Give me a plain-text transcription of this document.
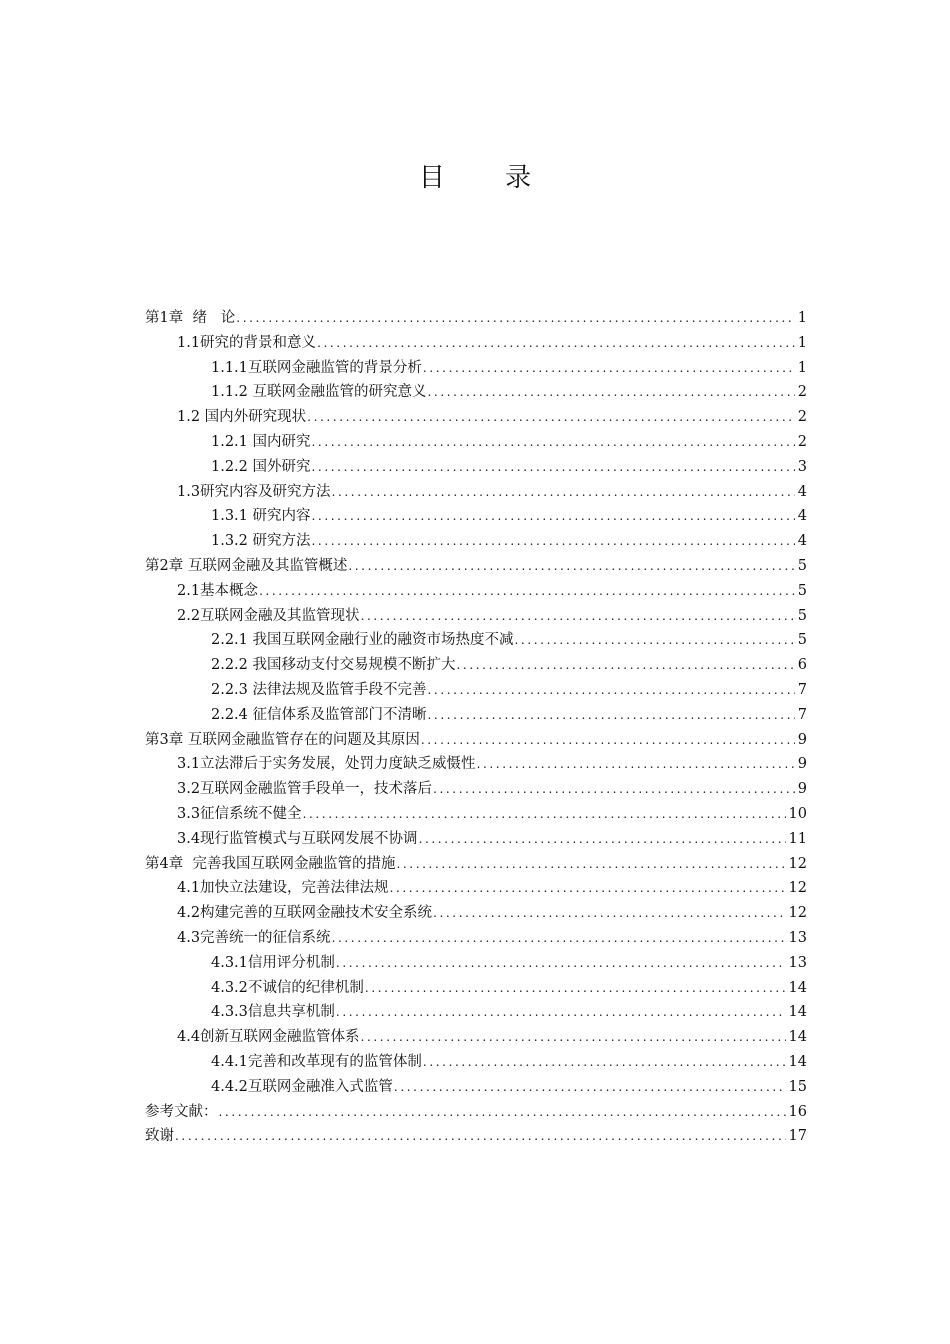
目 录
第1章  绪   论 .....	1
1.1研究的背景和意义 .....	1
1.1.1互联网金融监管的背景分析 .....	1
1.1.2 互联网金融监管的研究意义 .....	2
1.2 国内外研究现状 .....	2
1.2.1 国内研究 .....	2
1.2.2 国外研究 .....	3
1.3研究内容及研究方法 .....	4
1.3.1 研究内容 .....	4
1.3.2 研究方法 .....	4
第2章 互联网金融及其监管概述 .....	5
2.1基本概念 .....	5
2.2互联网金融及其监管现状 .....	5
2.2.1 我国互联网金融行业的融资市场热度不减 .....	5
2.2.2 我国移动支付交易规模不断扩大 .....	6
2.2.3 法律法规及监管手段不完善 .....	7
2.2.4 征信体系及监管部门不清晰 .....	7
第3章 互联网金融监管存在的问题及其原因 .....	9
3.1立法滞后于实务发展，处罚力度缺乏威慑性 .....	9
3.2互联网金融监管手段单一，技术落后 .....	9
3.3征信系统不健全 .....	10
3.4现行监管模式与互联网发展不协调 .....	11
第4章  完善我国互联网金融监管的措施 .....	12
4.1加快立法建设，完善法律法规 .....	12
4.2构建完善的互联网金融技术安全系统 .....	12
4.3完善统一的征信系统 .....	13
4.3.1信用评分机制 .....	13
4.3.2不诚信的纪律机制 .....	14
4.3.3信息共享机制 .....	14
4.4创新互联网金融监管体系 .....	14
4.4.1完善和改革现有的监管体制 .....	14
4.4.2互联网金融准入式监管 .....	15
参考文献： .....	16
致谢 .....	17
